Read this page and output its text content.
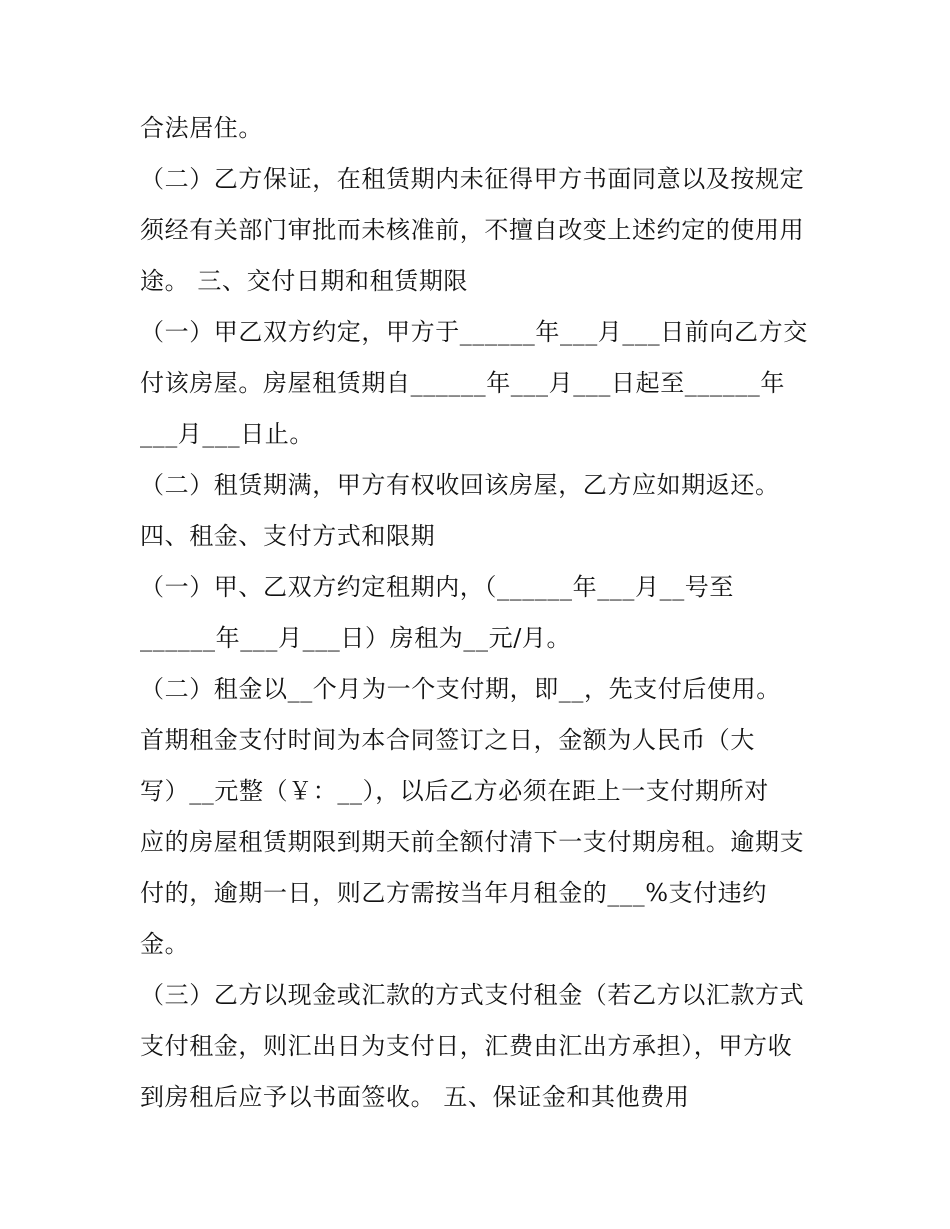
合法居住。

（二）乙方保证，在租赁期内未征得甲方书面同意以及按规定

须经有关部门审批而未核准前，不擅自改变上述约定的使用用

途。 三、交付日期和租赁期限

（一）甲乙双方约定，甲方于______年___月___日前向乙方交

付该房屋。房屋租赁期自______年___月___日起至______年

___月___日止。

（二）租赁期满，甲方有权收回该房屋，乙方应如期返还。

四、租金、支付方式和限期

（一）甲、乙双方约定租期内，（______年___月__号至

______年___月___日）房租为__元/月。

（二）租金以__个月为一个支付期，即__，先支付后使用。

首期租金支付时间为本合同签订之日，金额为人民币（大

写）__元整（￥：__），以后乙方必须在距上一支付期所对

应的房屋租赁期限到期天前全额付清下一支付期房租。逾期支

付的，逾期一日，则乙方需按当年月租金的___%支付违约

金。

（三）乙方以现金或汇款的方式支付租金（若乙方以汇款方式

支付租金，则汇出日为支付日，汇费由汇出方承担），甲方收

到房租后应予以书面签收。 五、保证金和其他费用
